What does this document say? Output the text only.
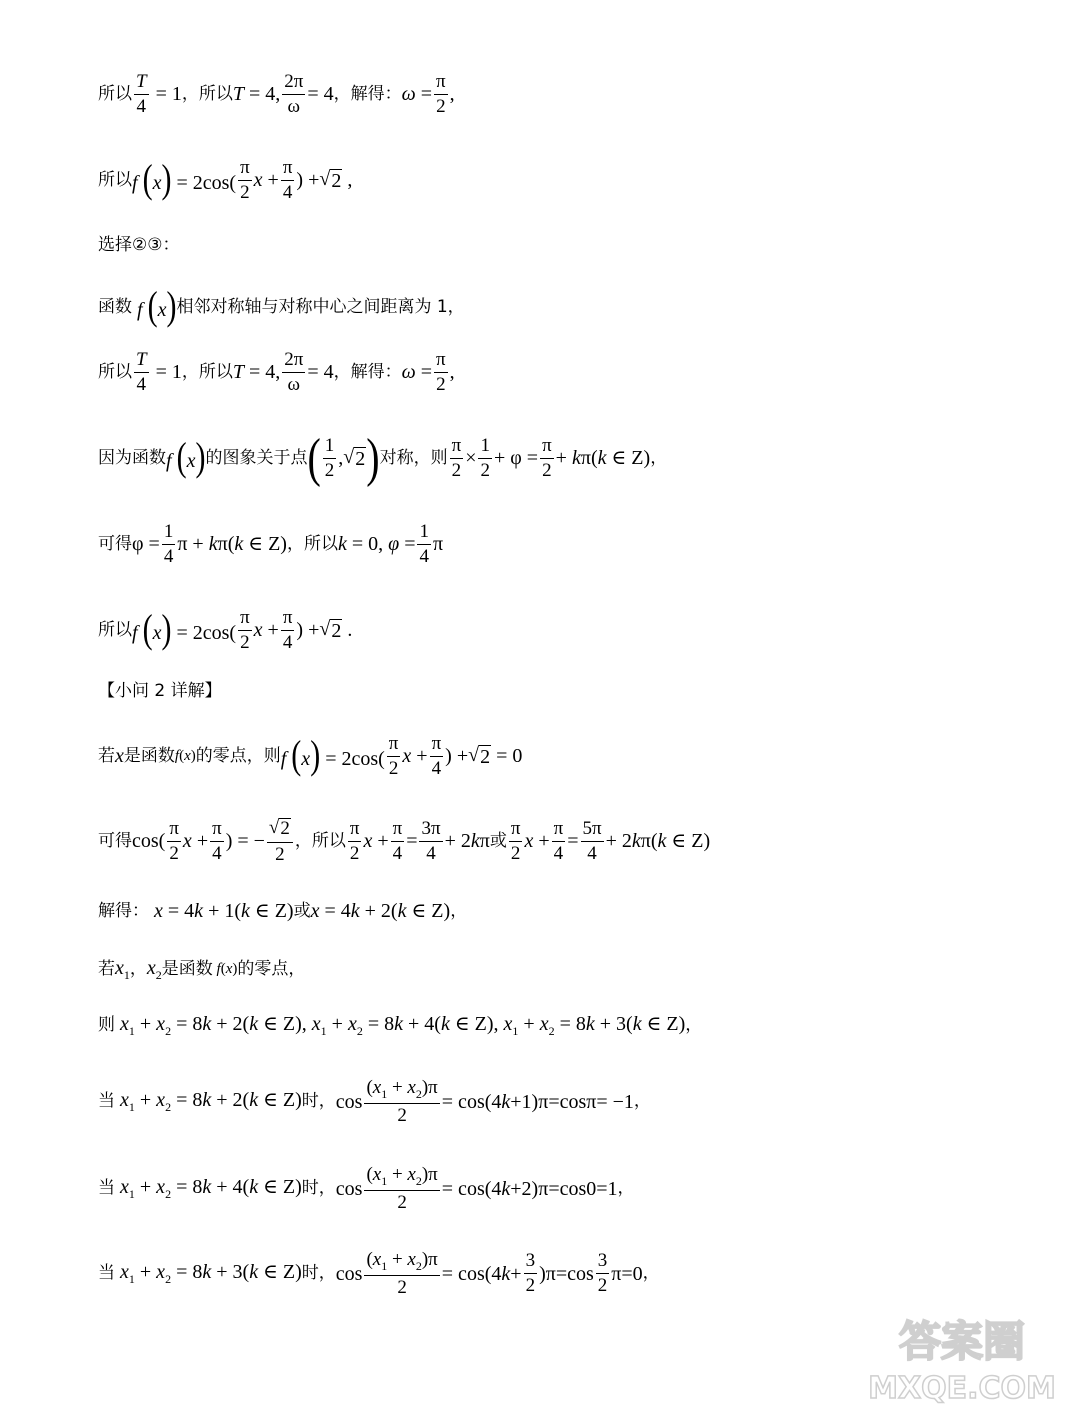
所以 $\frac{T}{4} = 1$ ，所以 T = 4, $\frac{2\pi}{\omega} = 4$ ，解得： $\omega = \frac{\pi}{2}$ ,
所以 f $(x) = 2\cos( \frac{\pi}{2}$ $x + \frac{\pi}{4}$ ) + √ 2 ,
选择②③：
函数 f (x) 相邻对称轴与对称中心之间距离为 1，
所以 $\frac{T}{4} = 1$ ，所以 T = 4, $\frac{2\pi}{\omega} = 4$ ，解得： $\omega = \frac{\pi}{2}$ ,
因为函数 f (x) 的图象关于点 ( $\frac{1}{2}$ , √ 2 ) 对称，则 $\frac{\pi}{2} \times \frac{1}{2} + \varphi = \frac{\pi}{2} + k\pi(k$ ∈ Z) ，
可得 $\varphi = \frac{1}{4}$ π + kπ(k ∈ Z) ，所以 k = 0, $\varphi = \frac{1}{4}$ π
所以 f $(x) = 2\cos( \frac{\pi}{2}$ $x + \frac{\pi}{4}$ ) + √ 2 .
【小问 2 详解】
若 x 是函数 f(x) 的零点，则 f $(x) = 2\cos( \frac{\pi}{2}$ $x + \frac{\pi}{4}$ ) + √ 2 = 0
可得 $\cos( \frac{\pi}{2}$ $x + \frac{\pi}{4}$ ) = − $\frac{√ 2}{2}$ ，所以 $\frac{\pi}{2}$ $x + \frac{\pi}{4} = \frac{3\pi}{4} + 2k\pi$ 或 $\frac{\pi}{2}$ $x + \frac{\pi}{4} = \frac{5\pi}{4} + 2k\pi(k$ ∈ Z)
解得： x = 4k + 1(k ∈ Z) 或 x = 4k + 2(k ∈ Z) ，
若 $x_1$ ， $x_2$ 是函数 f(x) 的零点，
则 $x_1 + x_2 = 8k + 2(k$ ∈ Z), $x_1 + x_2 = 8k + 4(k$ ∈ Z), $x_1 + x_2 = 8k + 3(k$ ∈ Z) ，
当 $x_1 + x_2 = 8k + 2(k$ ∈ Z) 时， $\cos \frac{(x_1 + x_2)\pi}{2} = \cos(4k+1)\pi=\cos\pi= -1$ ，
当 $x_1 + x_2 = 8k + 4(k$ ∈ Z) 时， $\cos \frac{(x_1 + x_2)\pi}{2} = \cos(4k+2)\pi=\cos 0=1$ ，
当 $x_1 + x_2 = 8k + 3(k$ ∈ Z) 时， $\cos \frac{(x_1 + x_2)\pi}{2} = \cos(4k+ \frac{3}{2} )\pi=\cos \frac{3}{2} \pi=0$ ，
答案圈
MXQE.COM
